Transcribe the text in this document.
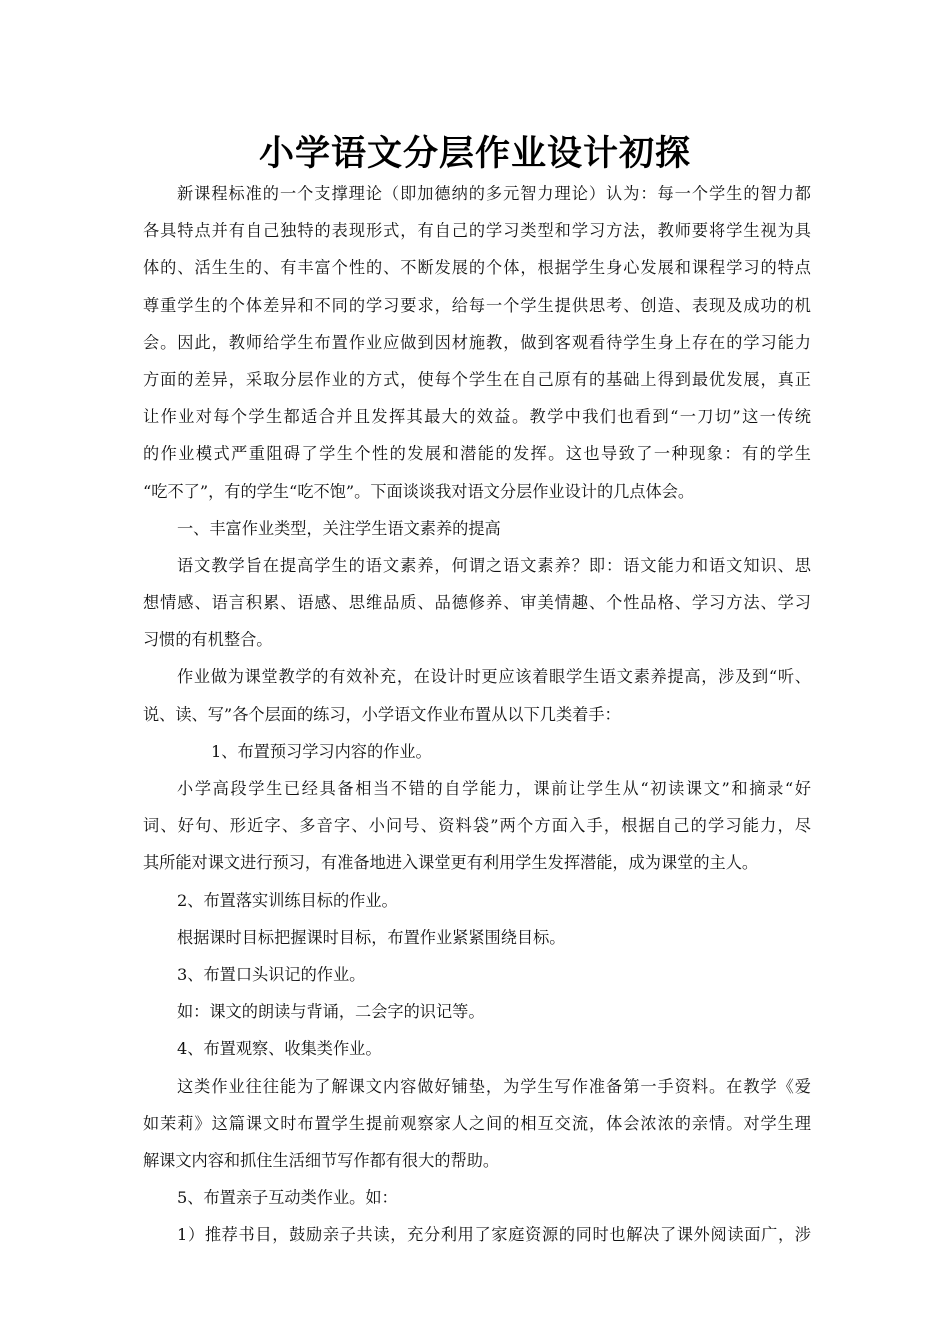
小学语文分层作业设计初探
新课程标准的一个支撑理论（即加德纳的多元智力理论）认为：每一个学生的智力都
各具特点并有自己独特的表现形式，有自己的学习类型和学习方法，教师要将学生视为具
体的、活生生的、有丰富个性的、不断发展的个体，根据学生身心发展和课程学习的特点
尊重学生的个体差异和不同的学习要求，给每一个学生提供思考、创造、表现及成功的机
会。因此，教师给学生布置作业应做到因材施教，做到客观看待学生身上存在的学习能力
方面的差异，采取分层作业的方式，使每个学生在自己原有的基础上得到最优发展，真正
让作业对每个学生都适合并且发挥其最大的效益。教学中我们也看到“一刀切”这一传统
的作业模式严重阻碍了学生个性的发展和潜能的发挥。这也导致了一种现象：有的学生
“吃不了”，有的学生“吃不饱”。下面谈谈我对语文分层作业设计的几点体会。
一、丰富作业类型，关注学生语文素养的提高
语文教学旨在提高学生的语文素养，何谓之语文素养？即：语文能力和语文知识、思
想情感、语言积累、语感、思维品质、品德修养、审美情趣、个性品格、学习方法、学习
习惯的有机整合。
作业做为课堂教学的有效补充，在设计时更应该着眼学生语文素养提高，涉及到“听、
说、读、写”各个层面的练习，小学语文作业布置从以下几类着手：
1、布置预习学习内容的作业。
小学高段学生已经具备相当不错的自学能力，课前让学生从“初读课文”和摘录“好
词、好句、形近字、多音字、小问号、资料袋”两个方面入手，根据自己的学习能力，尽
其所能对课文进行预习，有准备地进入课堂更有利用学生发挥潜能，成为课堂的主人。
2、布置落实训练目标的作业。
根据课时目标把握课时目标，布置作业紧紧围绕目标。
3、布置口头识记的作业。
如：课文的朗读与背诵，二会字的识记等。
4、布置观察、收集类作业。
这类作业往往能为了解课文内容做好铺垫，为学生写作准备第一手资料。在教学《爱
如茉莉》这篇课文时布置学生提前观察家人之间的相互交流，体会浓浓的亲情。对学生理
解课文内容和抓住生活细节写作都有很大的帮助。
5、布置亲子互动类作业。如：
1）推荐书目，鼓励亲子共读，充分利用了家庭资源的同时也解决了课外阅读面广，涉
